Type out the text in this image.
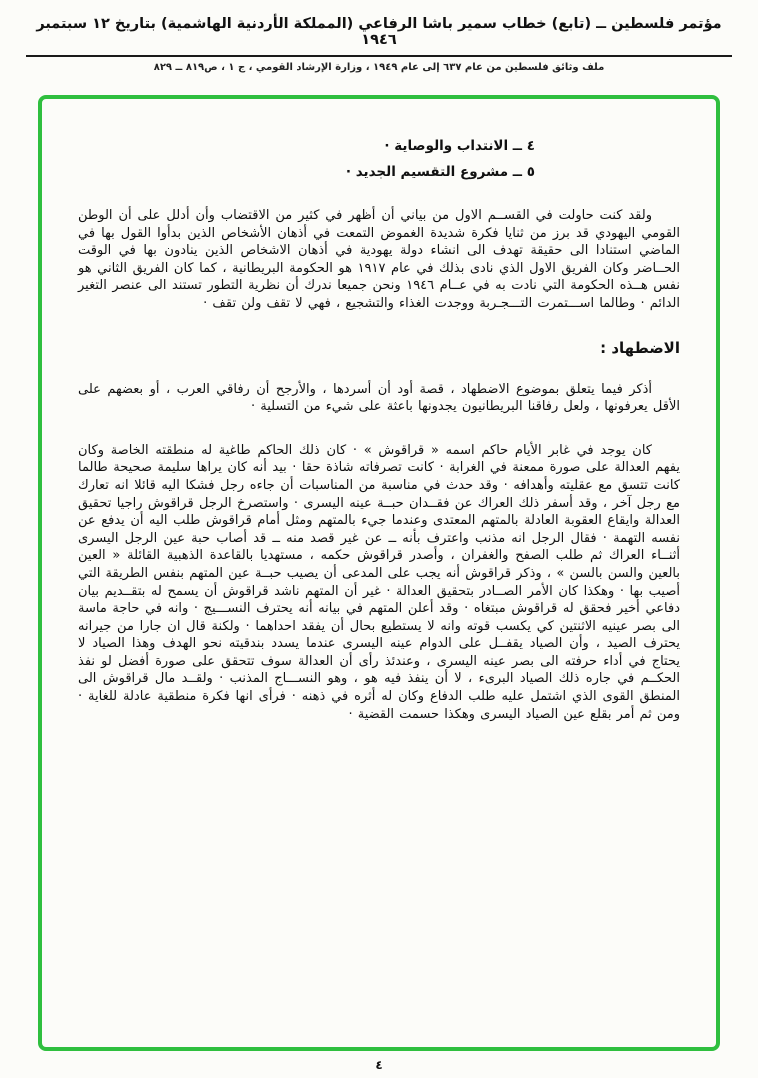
مؤتمر فلسطين ــ (تابع) خطاب سمير باشا الرفاعي (المملكة الأردنية الهاشمية) بتاريخ ١٢ سبتمبر ١٩٤٦
ملف وثائق فلسطين من عام ٦٣٧ إلى عام ١٩٤٩ ، وزارة الإرشاد القومي ، ج ١ ، ص٨١٩ ــ ٨٢٩
٤ ــ الانتداب والوصاية ·
٥ ــ مشروع التقسيم الجديد ·

ولقد كنت حاولت في القســم الاول من بياني أن أظهر في كثير من الاقتضاب وأن أدلل على أن الوطن القومي اليهودي قد برز من ثنايا فكرة شديدة الغموض التمعت في أذهان الأشخاص الذين بدأوا القول بها في الماضي استنادا الى حقيقة تهدف الى انشاء دولة يهودية في أذهان الاشخاص الذين ينادون بها في الوقت الحــاضر وكان الفريق الاول الذي نادى بذلك في عام ١٩١٧ هو الحكومة البريطانية ، كما كان الفريق الثاني هو نفس هــذه الحكومة التي نادت به في عــام ١٩٤٦ ونحن جميعا ندرك أن نظرية التطور تستند الى عنصر التغير الدائم · وطالما اســـتمرت التـــجـربة ووجدت الغذاء والتشجيع ، فهي لا تقف ولن تقف ·

الاضطهاد :

أذكر فيما يتعلق بموضوع الاضطهاد ، قصة أود أن أسردها ، والأرجح أن رفاقي العرب ، أو بعضهم على الأقل يعرفونها ، ولعل رفاقنا البريطانيون يجدونها باعثة على شيء من التسلية ·

كان يوجد في غابر الأيام حاكم اسمه « قراقوش » · كان ذلك الحاكم طاغية له منطقته الخاصة وكان يفهم العدالة على صورة ممعنة في الغرابة · كانت تصرفاته شاذة حقا · بيد أنه كان يراها سليمة صحيحة طالما كانت تتسق مع عقليته وأهدافه · وقد حدث في مناسبة من المناسبات أن جاءه رجل فشكا اليه قائلا انه تعارك مع رجل آخر ، وقد أسفر ذلك العراك عن فقــدان حبــة عينه اليسرى · واستصرخ الرجل قراقوش راجيا تحقيق العدالة وايقاع العقوبة العادلة بالمتهم المعتدى وعندما جيء بالمتهم ومثل أمام قراقوش طلب اليه أن يدفع عن نفسه التهمة · فقال الرجل انه مذنب واعترف بأنه ــ عن غير قصد منه ــ قد أصاب حبة عين الرجل اليسرى أثنــاء العراك ثم طلب الصفح والغفران ، وأصدر قراقوش حكمه ، مستهديا بالقاعدة الذهبية القائلة « العين بالعين والسن بالسن » ، وذكر قراقوش أنه يجب على المدعى أن يصيب حبــة عين المتهم بنفس الطريقة التي أصيب بها · وهكذا كان الأمر الصــادر بتحقيق العدالة · غير أن المتهم ناشد قراقوش أن يسمح له بتقــديم بيان دفاعي أخير فحقق له قراقوش مبتغاه · وقد أعلن المتهم في بيانه أنه يحترف النســـيج · وانه في حاجة ماسة الى بصر عينيه الاثنتين كي يكسب قوته وانه لا يستطيع بحال أن يفقد احداهما · ولكنة قال ان جارا من جيرانه يحترف الصيد ، وأن الصياد يقفــل على الدوام عينه اليسرى عندما يسدد بندقيته نحو الهدف وهذا الصياد لا يحتاج في أداء حرفته الى بصر عينه اليسرى ، وعندئذ رأى أن العدالة سوف تتحقق على صورة أفضل لو نفذ الحكــم في جاره ذلك الصياد البرىء ، لا أن ينفذ فيه هو ، وهو النســـاج المذنب · ولقــد مال قراقوش الى المنطق القوى الذي اشتمل عليه طلب الدفاع وكان له أثره في ذهنه · فرأى انها فكرة منطقية عادلة للغاية · ومن ثم أمر بقلع عين الصياد اليسرى وهكذا حسمت القضية ·

٤
